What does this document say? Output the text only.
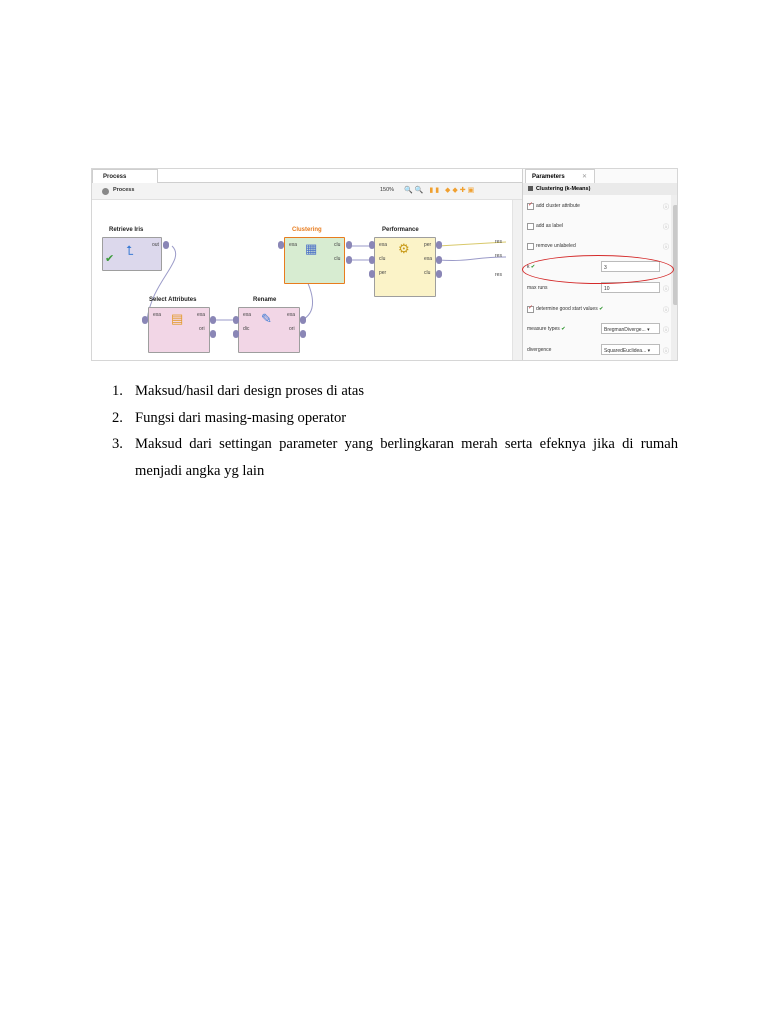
Process
Process	150% 🔍🔍 ▮▮ ◆◆✚▣
Retrieve Iris
⮤
✔
out
Clustering
exa ▦	clu
clu
Performance
exa
clu
per
⚙	per
exa
clu
res
res
res
Select Attributes
exa ▤	exa
ori
Rename
exa
dic
✎	exa
ori
Parameters	✕
Clustering (k-Means)
✓
add cluster attribute	ⓘ
add as label	ⓘ
remove unlabeled	ⓘ
k ✔	3
max runs	10	ⓘ
✓
determine good start values ✔	ⓘ
measure types ✔	BregmanDiverge... ▾	ⓘ
divergence	SquaredEuclidea... ▾	ⓘ
1. Maksud/hasil dari design proses di atas
2. Fungsi dari masing-masing operator
3. Maksud dari settingan parameter yang berlingkaran merah serta efeknya jika di rumah menjadi angka yg lain
